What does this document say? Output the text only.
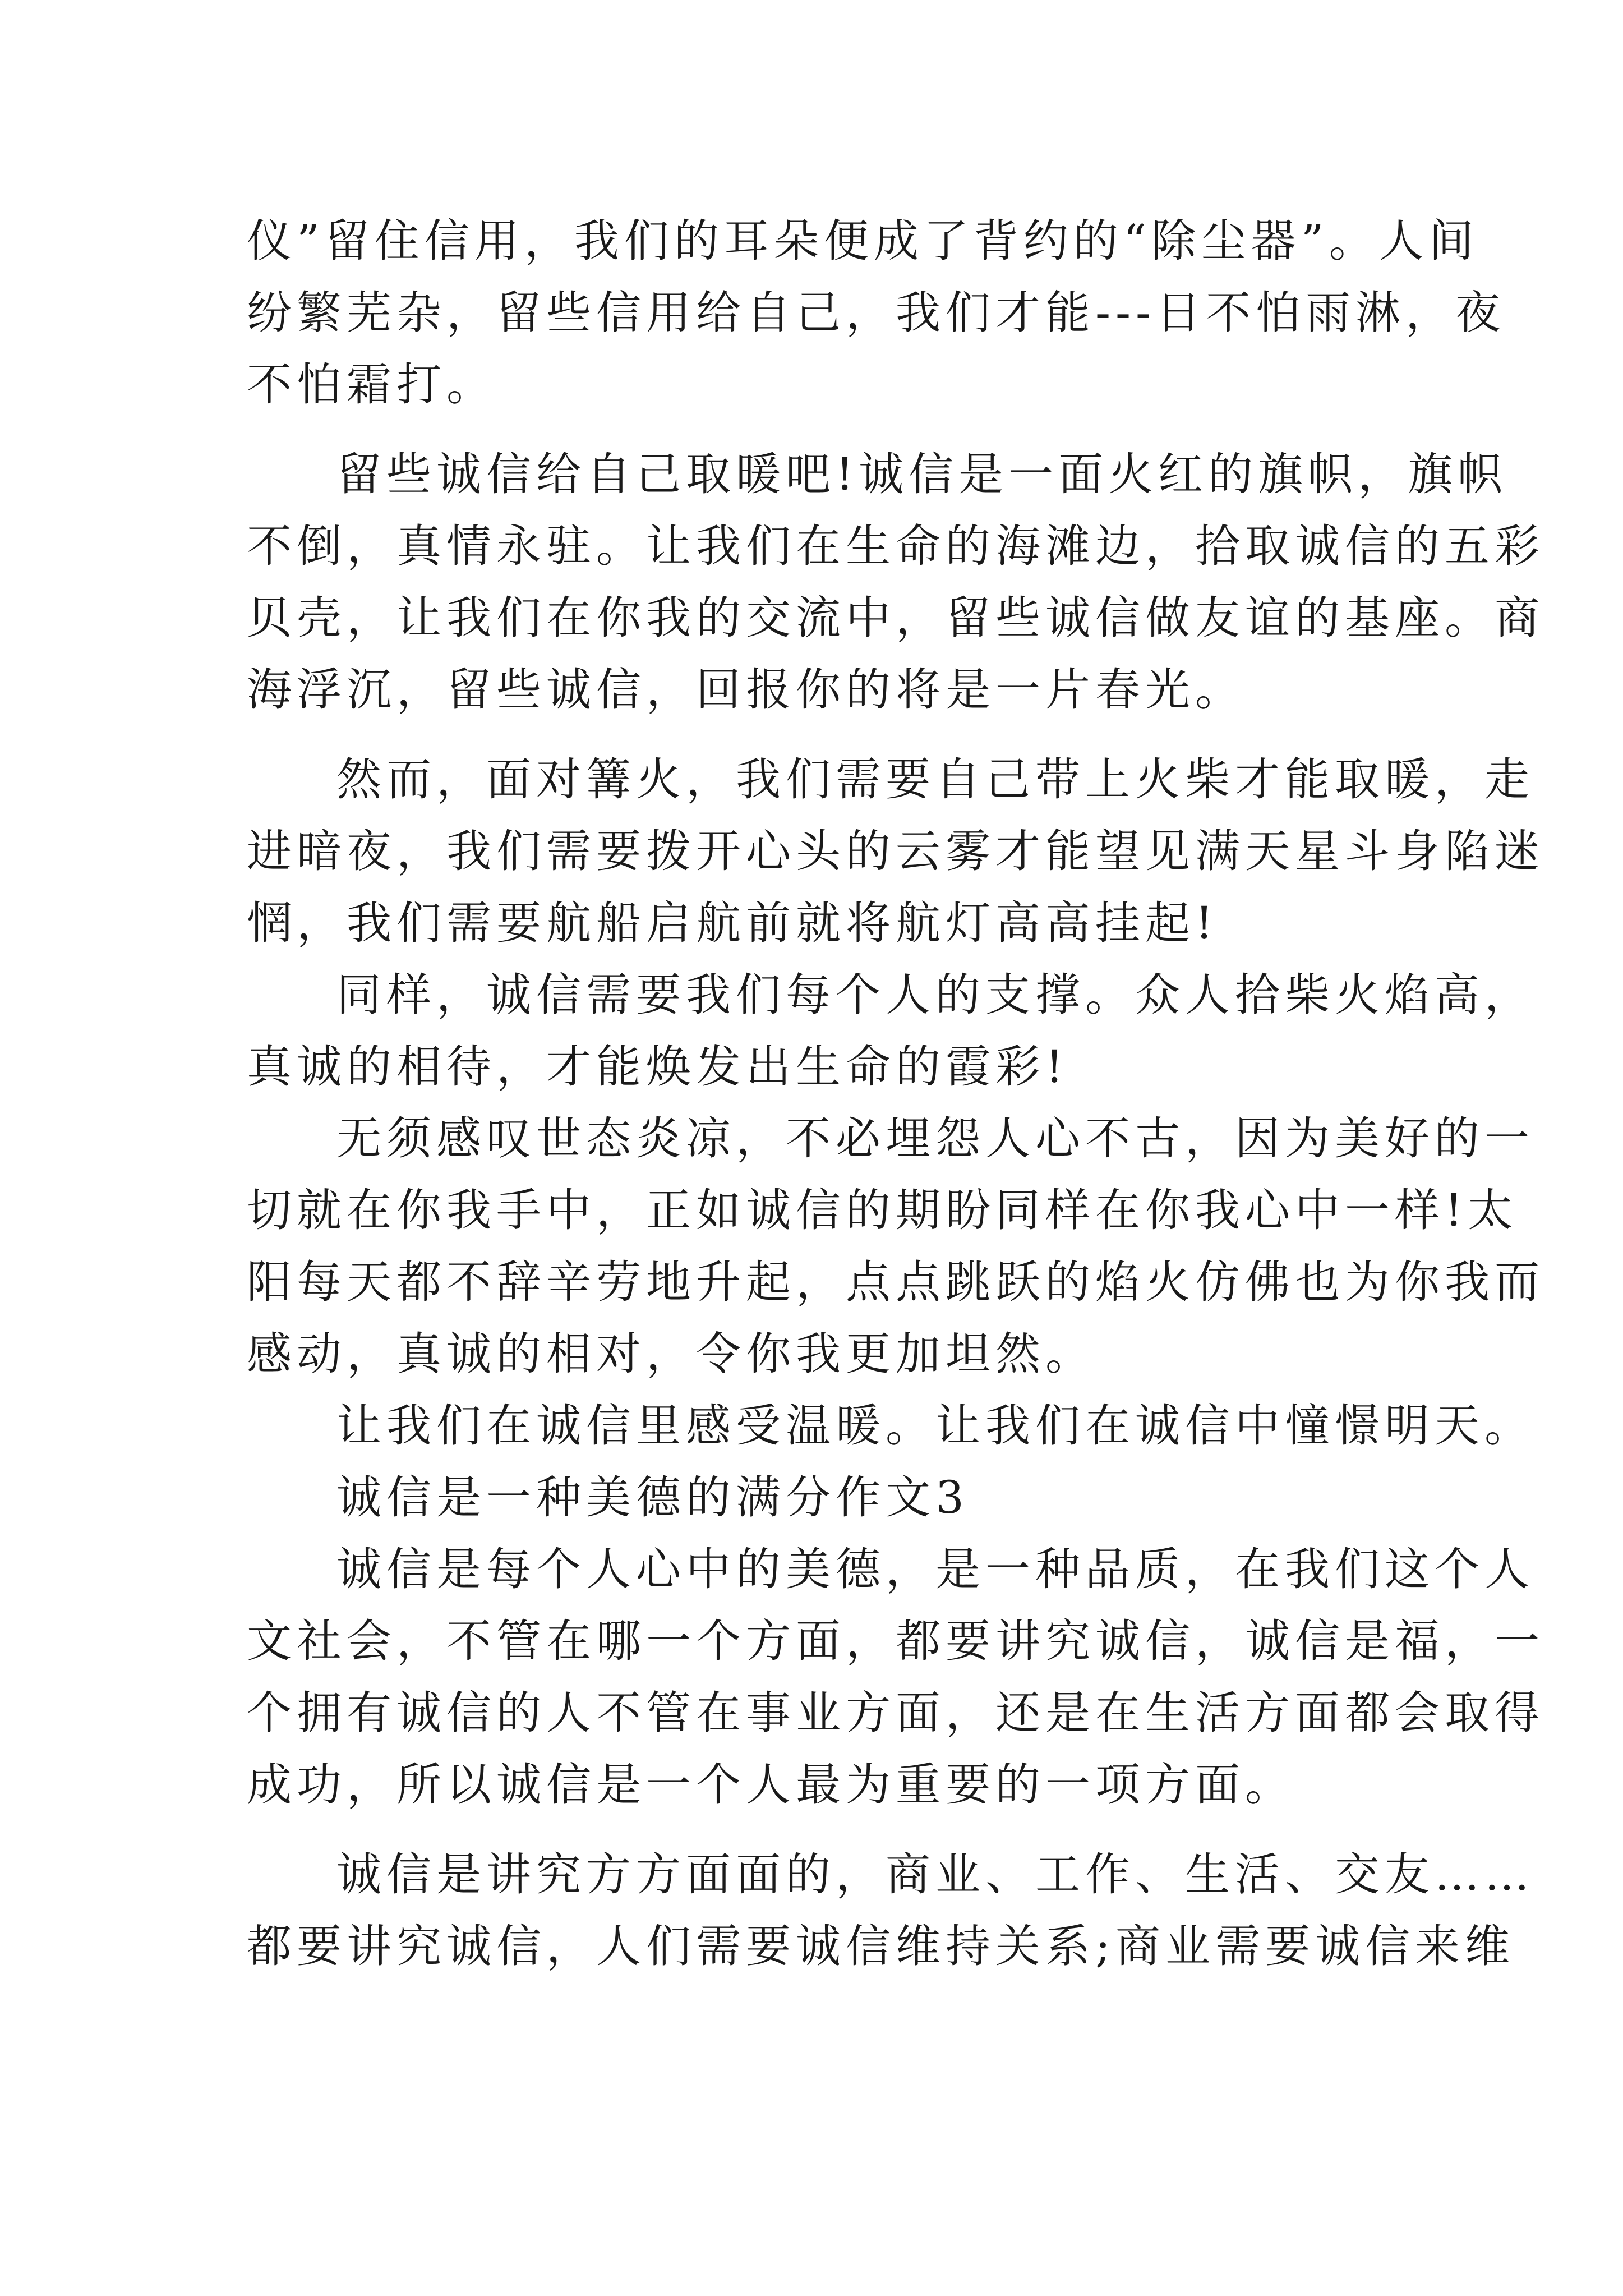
仪”留住信用，我们的耳朵便成了背约的“除尘器”。人间
纷繁芜杂，留些信用给自己，我们才能---日不怕雨淋，夜
不怕霜打。
留些诚信给自己取暖吧!诚信是一面火红的旗帜，旗帜
不倒，真情永驻。让我们在生命的海滩边，拾取诚信的五彩
贝壳，让我们在你我的交流中，留些诚信做友谊的基座。商
海浮沉，留些诚信，回报你的将是一片春光。
然而，面对篝火，我们需要自己带上火柴才能取暖，走
进暗夜，我们需要拨开心头的云雾才能望见满天星斗身陷迷
惘，我们需要航船启航前就将航灯高高挂起!
同样，诚信需要我们每个人的支撑。众人拾柴火焰高，
真诚的相待，才能焕发出生命的霞彩!
无须感叹世态炎凉，不必埋怨人心不古，因为美好的一
切就在你我手中，正如诚信的期盼同样在你我心中一样!太
阳每天都不辞辛劳地升起，点点跳跃的焰火仿佛也为你我而
感动，真诚的相对，令你我更加坦然。
让我们在诚信里感受温暖。让我们在诚信中憧憬明天。
诚信是一种美德的满分作文3
诚信是每个人心中的美德，是一种品质，在我们这个人
文社会，不管在哪一个方面，都要讲究诚信，诚信是福，一
个拥有诚信的人不管在事业方面，还是在生活方面都会取得
成功，所以诚信是一个人最为重要的一项方面。
诚信是讲究方方面面的，商业、工作、生活、交友……
都要讲究诚信，人们需要诚信维持关系;商业需要诚信来维
